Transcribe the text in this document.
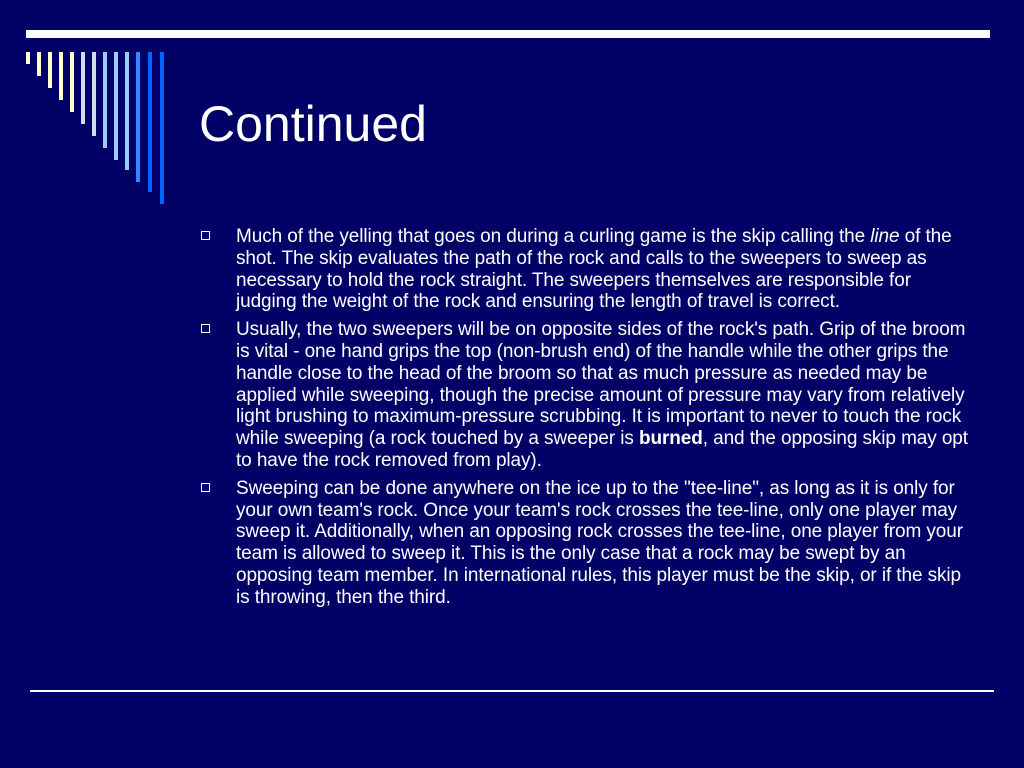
Continued
Much of the yelling that goes on during a curling game is the skip calling the line of the shot. The skip evaluates the path of the rock and calls to the sweepers to sweep as necessary to hold the rock straight. The sweepers themselves are responsible for judging the weight of the rock and ensuring the length of travel is correct.
Usually, the two sweepers will be on opposite sides of the rock's path. Grip of the broom is vital - one hand grips the top (non-brush end) of the handle while the other grips the handle close to the head of the broom so that as much pressure as needed may be applied while sweeping, though the precise amount of pressure may vary from relatively light brushing to maximum-pressure scrubbing. It is important to never to touch the rock while sweeping (a rock touched by a sweeper is burned, and the opposing skip may opt to have the rock removed from play).
Sweeping can be done anywhere on the ice up to the "tee-line", as long as it is only for your own team's rock. Once your team's rock crosses the tee-line, only one player may sweep it. Additionally, when an opposing rock crosses the tee-line, one player from your team is allowed to sweep it. This is the only case that a rock may be swept by an opposing team member. In international rules, this player must be the skip, or if the skip is throwing, then the third.
